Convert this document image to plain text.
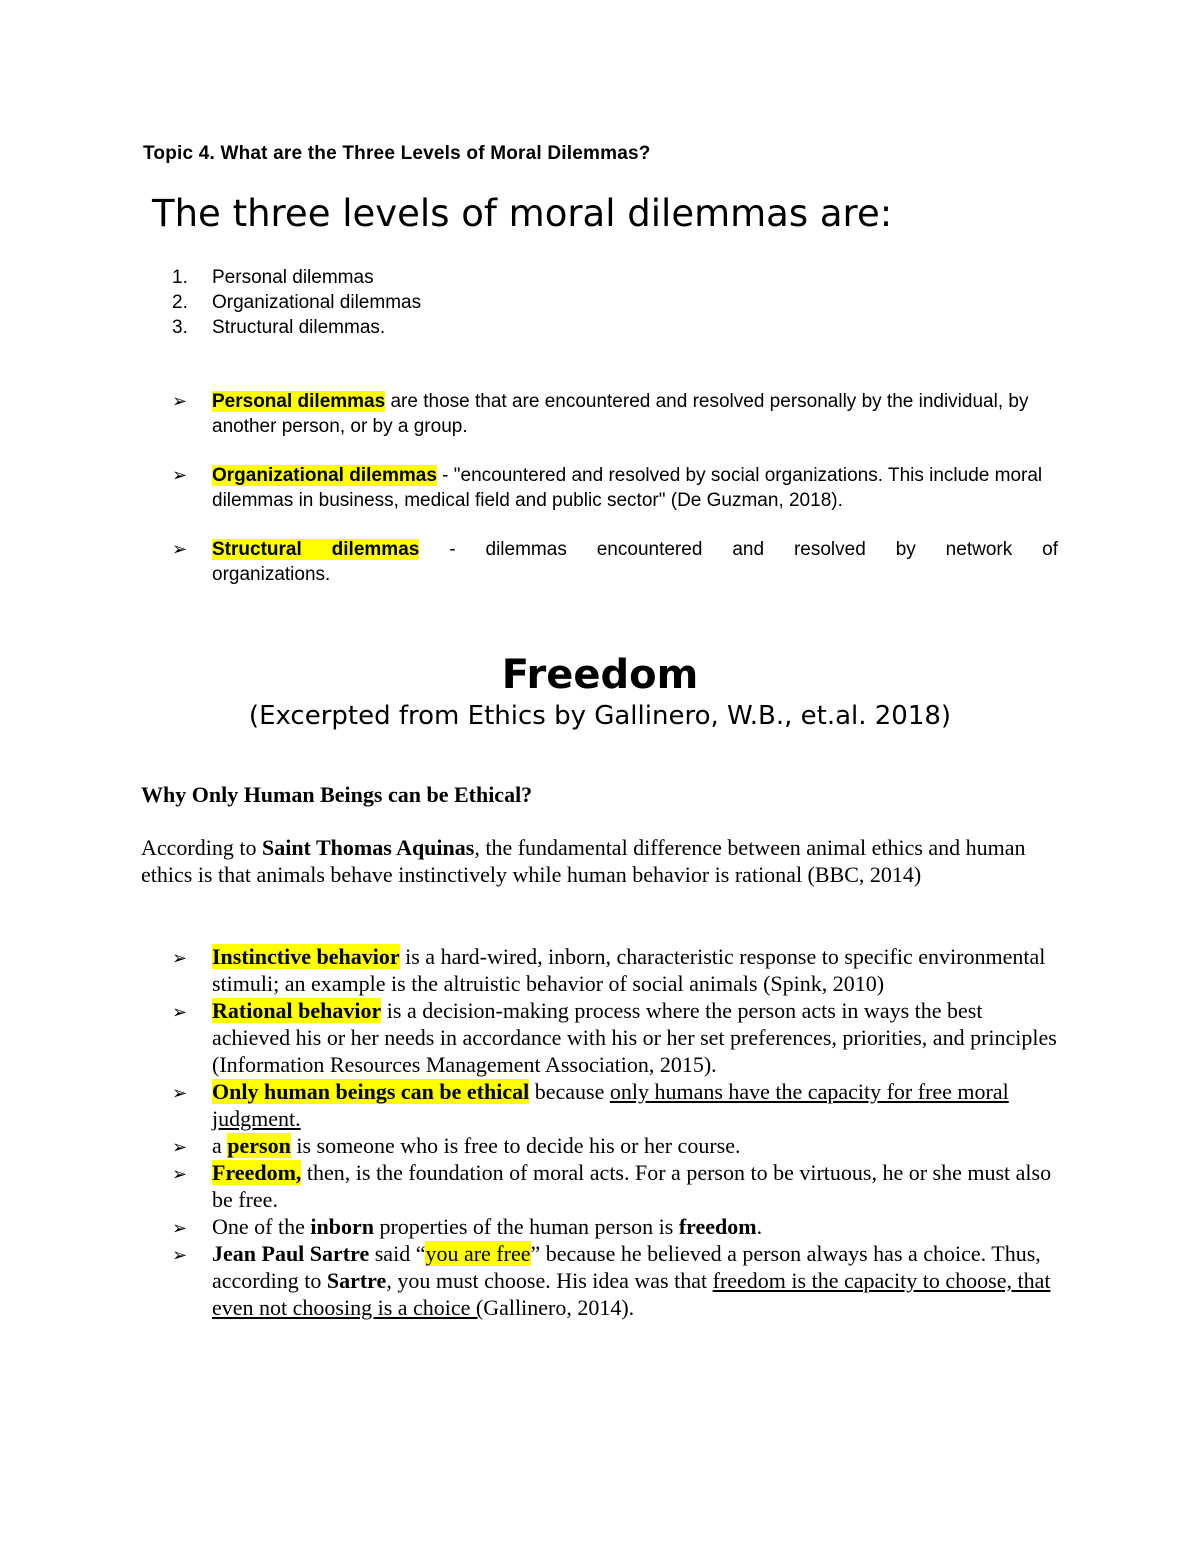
Topic 4. What are the Three Levels of Moral Dilemmas?
The three levels of moral dilemmas are:
1. Personal dilemmas
2. Organizational dilemmas
3. Structural dilemmas.
➢ Personal dilemmas are those that are encountered and resolved personally by the individual, by another person, or by a group.
➢ Organizational dilemmas - "encountered and resolved by social organizations. This include moral dilemmas in business, medical field and public sector" (De Guzman, 2018).
➢ Structural dilemmas - dilemmas encountered and resolved by network of
organizations.
Freedom
(Excerpted from Ethics by Gallinero, W.B., et.al. 2018)
Why Only Human Beings can be Ethical?
According to Saint Thomas Aquinas, the fundamental difference between animal ethics and human ethics is that animals behave instinctively while human behavior is rational (BBC, 2014)
➢ Instinctive behavior is a hard-wired, inborn, characteristic response to specific environmental stimuli; an example is the altruistic behavior of social animals (Spink, 2010)
➢ Rational behavior is a decision-making process where the person acts in ways the best achieved his or her needs in accordance with his or her set preferences, priorities, and principles (Information Resources Management Association, 2015).
➢ Only human beings can be ethical because only humans have the capacity for free moral judgment.
➢ a person is someone who is free to decide his or her course.
➢ Freedom, then, is the foundation of moral acts. For a person to be virtuous, he or she must also be free.
➢ One of the inborn properties of the human person is freedom.
➢ Jean Paul Sartre said “you are free” because he believed a person always has a choice. Thus, according to Sartre, you must choose. His idea was that freedom is the capacity to choose, that even not choosing is a choice (Gallinero, 2014).
